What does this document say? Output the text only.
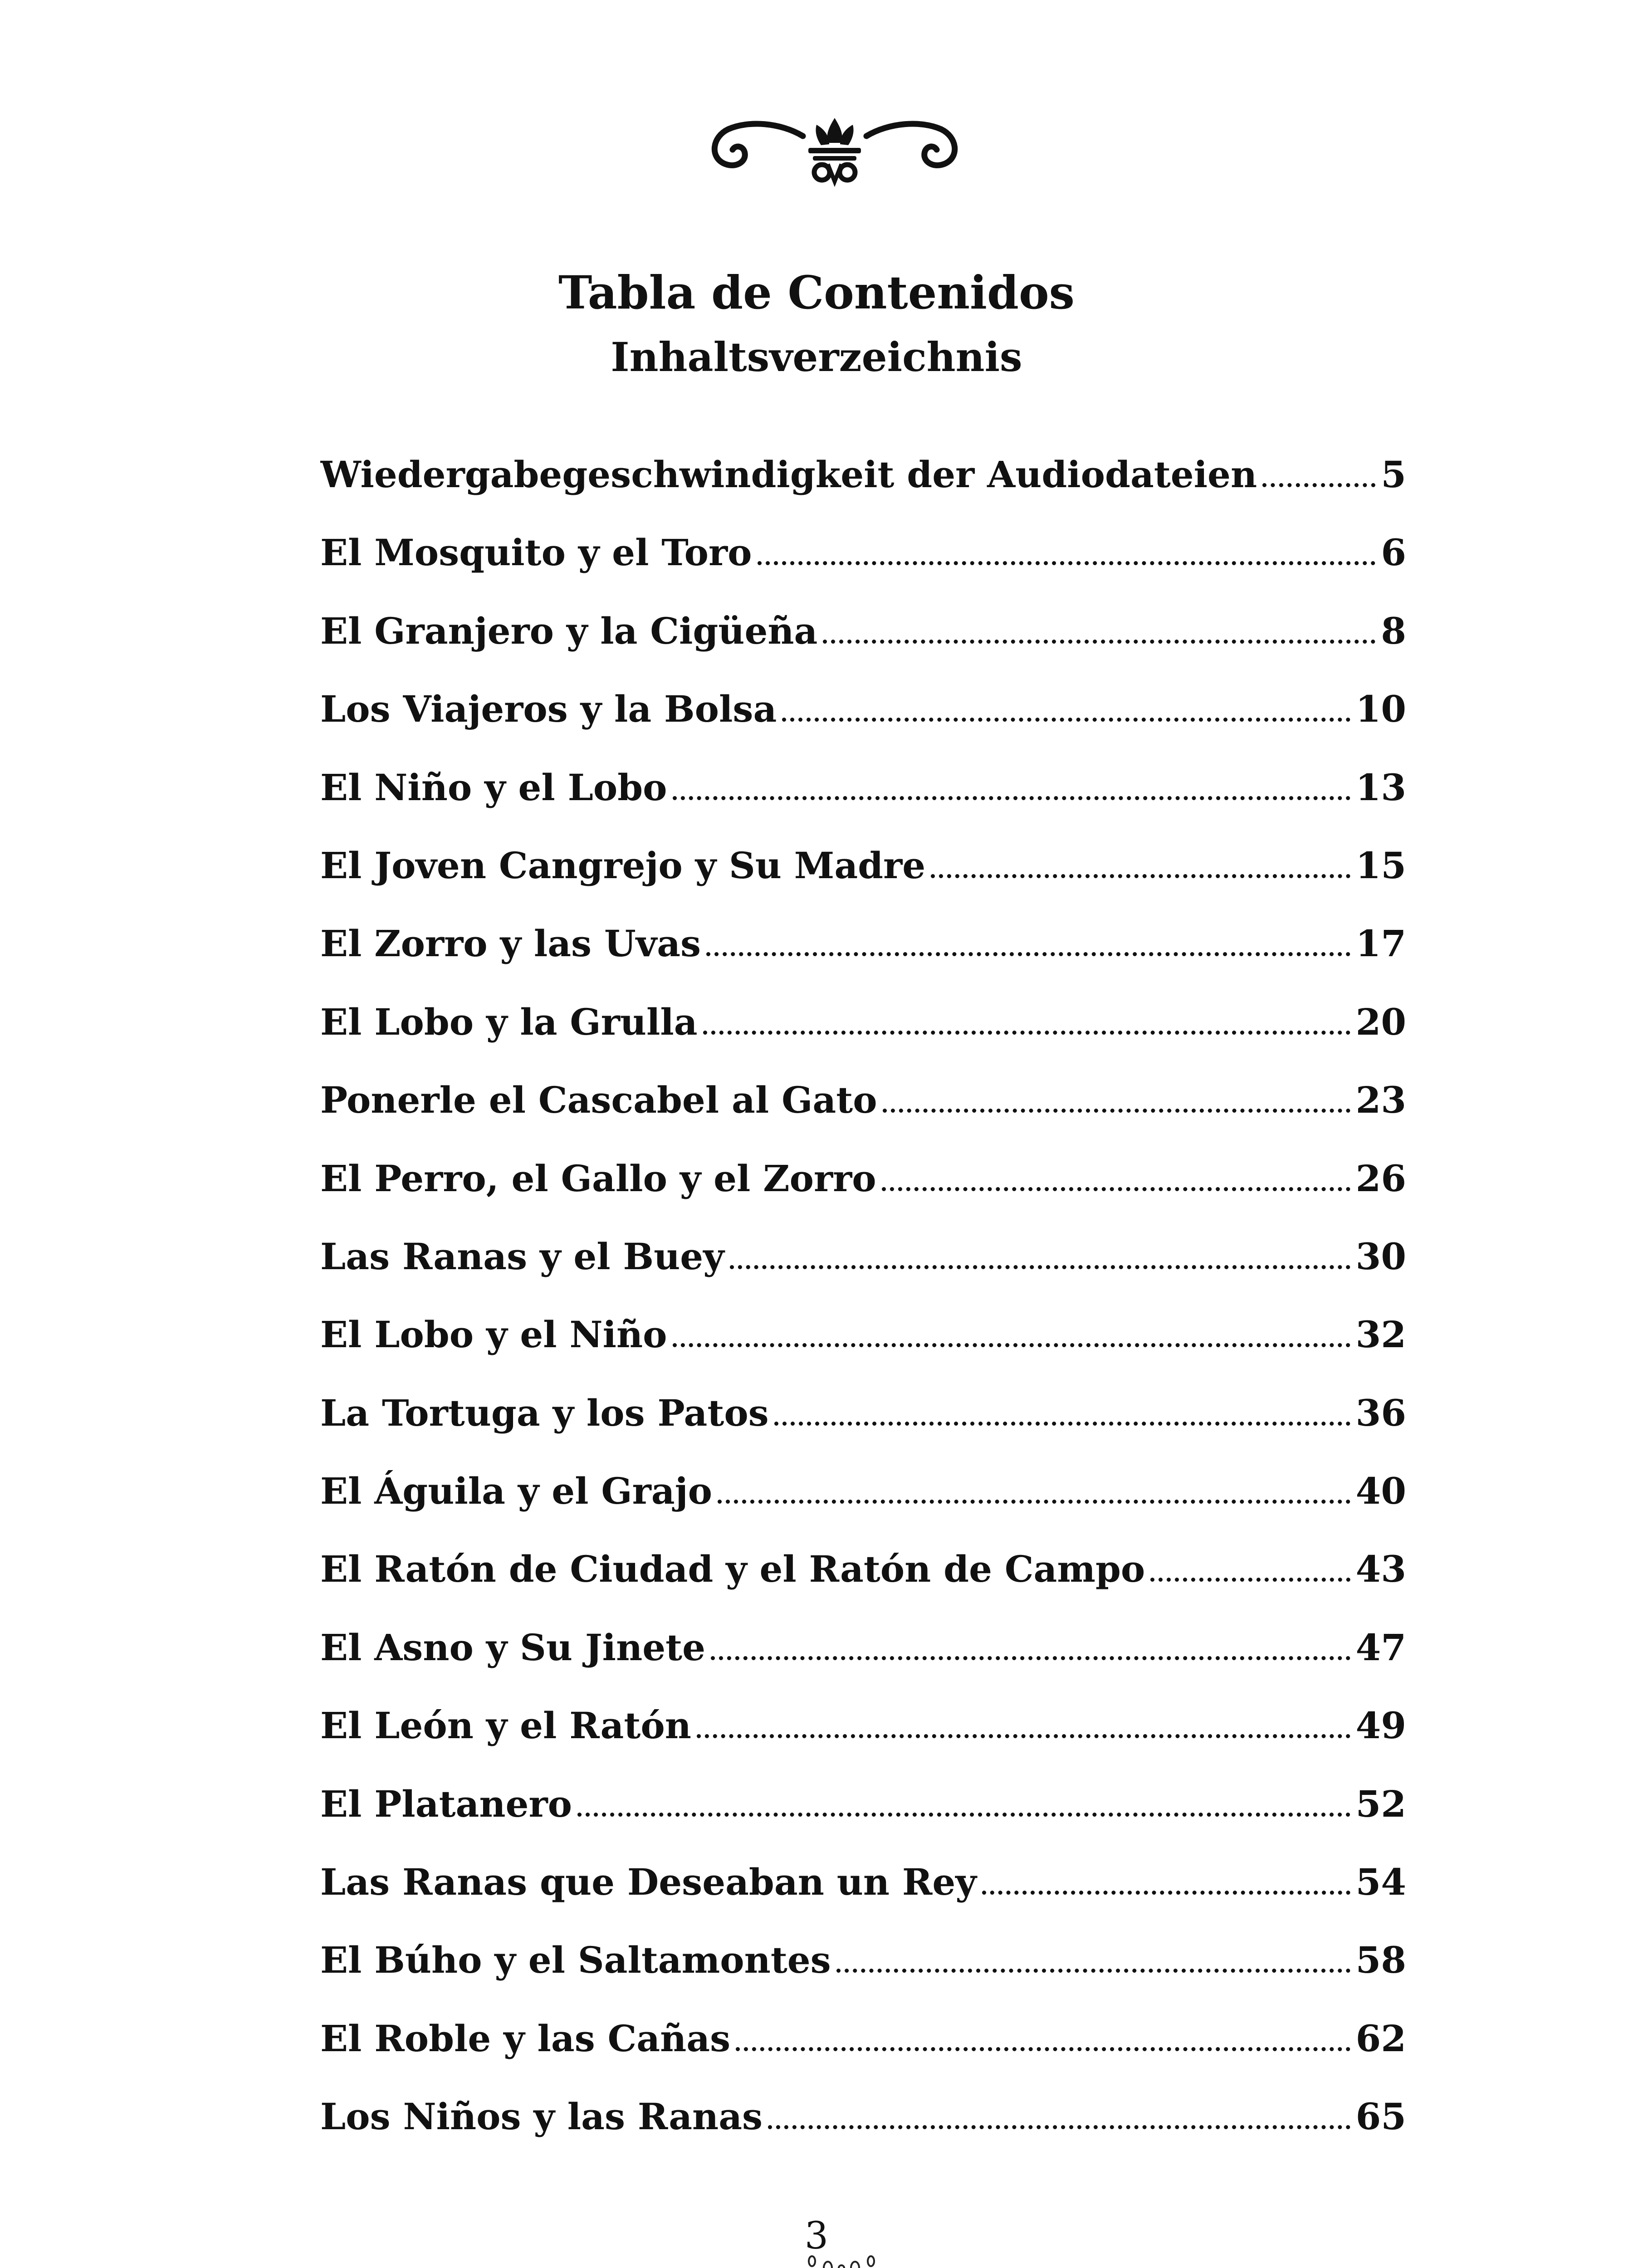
Tabla de Contenidos
Inhaltsverzeichnis
Wiedergabegeschwindigkeit der Audiodateien	5
El Mosquito y el Toro	6
El Granjero y la Cigüeña	8
Los Viajeros y la Bolsa	10
El Niño y el Lobo	13
El Joven Cangrejo y Su Madre	15
El Zorro y las Uvas	17
El Lobo y la Grulla	20
Ponerle el Cascabel al Gato	23
El Perro, el Gallo y el Zorro	26
Las Ranas y el Buey	30
El Lobo y el Niño	32
La Tortuga y los Patos	36
El Águila y el Grajo	40
El Ratón de Ciudad y el Ratón de Campo	43
El Asno y Su Jinete	47
El León y el Ratón	49
El Platanero	52
Las Ranas que Deseaban un Rey	54
El Búho y el Saltamontes	58
El Roble y las Cañas	62
Los Niños y las Ranas	65
3
